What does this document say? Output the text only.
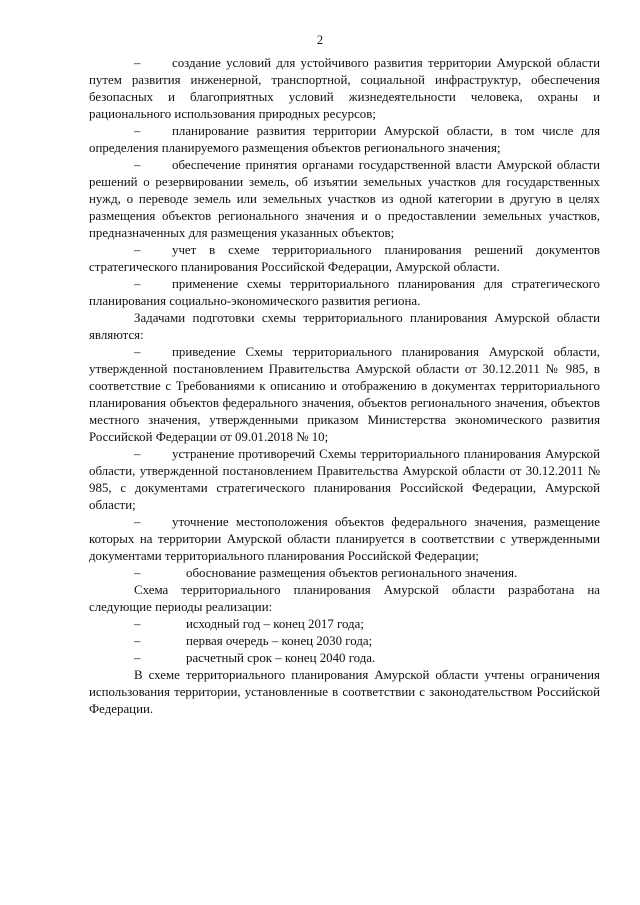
2

– создание условий для устойчивого развития территории Амурской области путем развития инженерной, транспортной, социальной инфраструктур, обеспечения безопасных и благоприятных условий жизнедеятельности человека, охраны и рационального использования природных ресурсов;

– планирование развития территории Амурской области, в том числе для определения планируемого размещения объектов регионального значения;

– обеспечение принятия органами государственной власти Амурской области решений о резервировании земель, об изъятии земельных участков для государственных нужд, о переводе земель или земельных участков из одной категории в другую в целях размещения объектов регионального значения и о предоставлении земельных участков, предназначенных для размещения указанных объектов;

– учет в схеме территориального планирования решений документов стратегического планирования Российской Федерации, Амурской области.

– применение схемы территориального планирования для стратегического планирования социально-экономического развития региона.

Задачами подготовки схемы территориального планирования Амурской области являются:

– приведение Схемы территориального планирования Амурской области, утвержденной постановлением Правительства Амурской области от 30.12.2011 № 985, в соответствие с Требованиями к описанию и отображению в документах территориального планирования объектов федерального значения, объектов регионального значения, объектов местного значения, утвержденными приказом Министерства экономического развития Российской Федерации от 09.01.2018 № 10;

– устранение противоречий Схемы территориального планирования Амурской области, утвержденной постановлением Правительства Амурской области от 30.12.2011 № 985, с документами стратегического планирования Российской Федерации, Амурской области;

– уточнение местоположения объектов федерального значения, размещение которых на территории Амурской области планируется в соответствии с утвержденными документами территориального планирования Российской Федерации;

–	обоснование размещения объектов регионального значения.

Схема территориального планирования Амурской области разработана на следующие периоды реализации:

–	исходный год – конец 2017 года;

–	первая очередь – конец 2030 года;

–	расчетный срок – конец 2040 года.

В схеме территориального планирования Амурской области учтены ограничения использования территории, установленные в соответствии с законодательством Российской Федерации.
